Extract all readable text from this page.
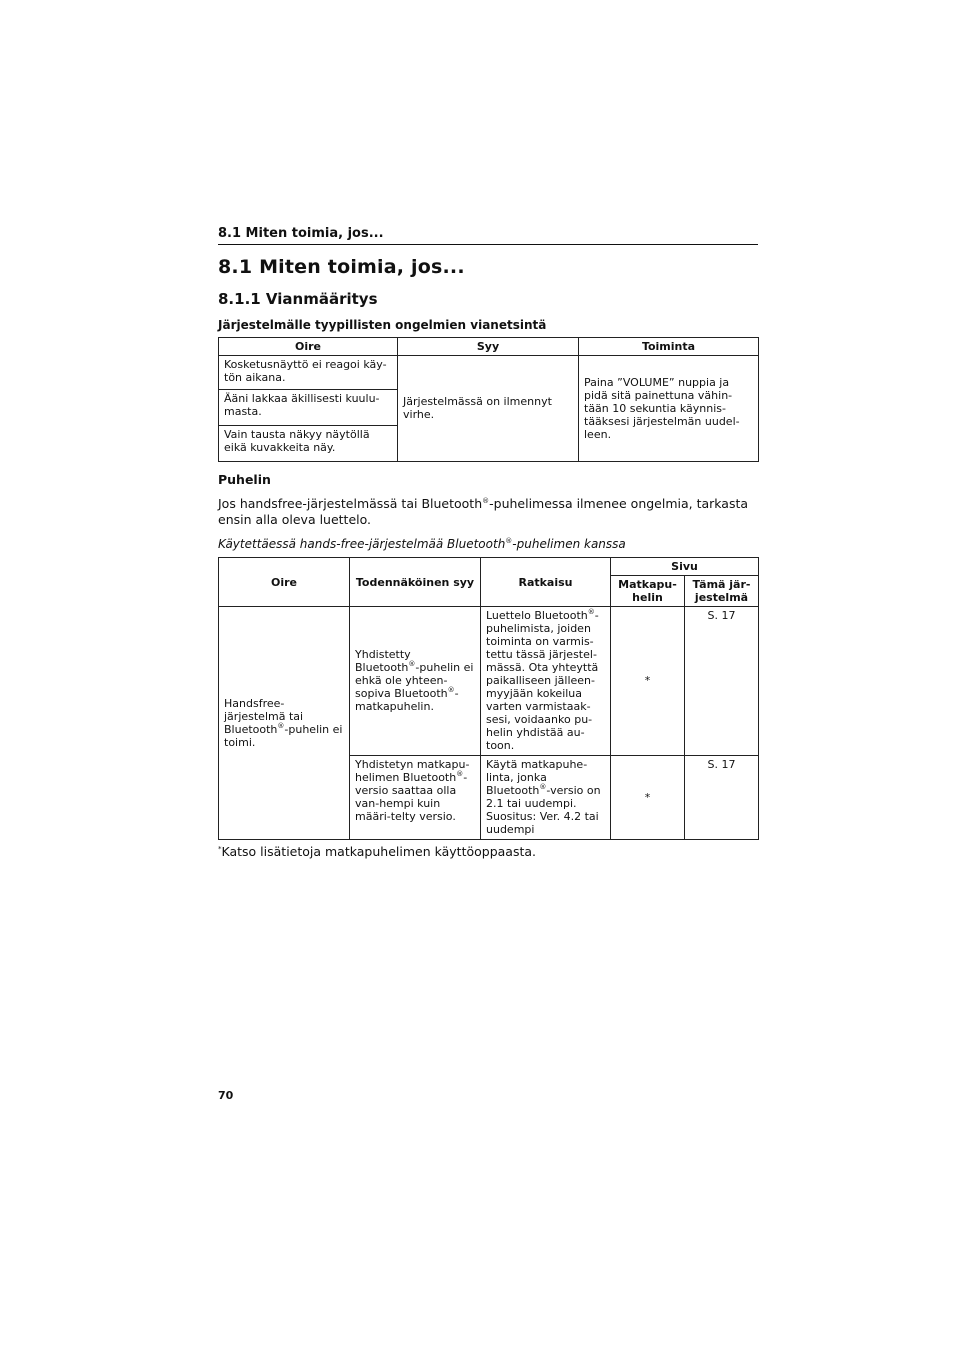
8.1 Miten toimia, jos...
8.1 Miten toimia, jos...
8.1.1 Vianmääritys
Järjestelmälle tyypillisten ongelmien vianetsintä
Oire	Syy	Toiminta
Kosketusnäyttö ei reagoi käy-tön aikana.	Järjestelmässä on ilmennyt virhe.	Paina ”VOLUME” nuppia ja pidä sitä painettuna vähin-tään 10 sekuntia käynnis-tääksesi järjestelmän uudel-leen.
Ääni lakkaa äkillisesti kuulu-masta.		
Vain tausta näkyy näytöllä eikä kuvakkeita näy.		
Puhelin
Jos handsfree-järjestelmässä tai Bluetooth®-puhelimessa ilmenee ongelmia, tarkasta ensin alla oleva luettelo.
Käytettäessä hands-free-järjestelmää Bluetooth®-puhelimen kanssa
Oire	Todennäköinen syy	Ratkaisu	Sivu	
			Matkapu-helin	Tämä jär-jestelmä
Handsfree-järjestelmä tai Bluetooth®-puhelin ei toimi.	Yhdistetty Bluetooth®-puhelin ei ehkä ole yhteen-sopiva Bluetooth®-matkapuhelin.	Luettelo Bluetooth®-puhelimista, joiden toiminta on varmis-tettu tässä järjestel-mässä. Ota yhteyttä paikalliseen jälleen-myyjään kokeilua varten varmistaak-sesi, voidaanko pu-helin yhdistää au-toon.	*	S. 17
	Yhdistetyn matkapu-helimen Bluetooth®-versio saattaa olla van-hempi kuin määri-telty versio.	Käytä matkapuhe-linta, jonka Bluetooth®-versio on 2.1 tai uudempi. Suositus: Ver. 4.2 tai uudempi	*	S. 17
*Katso lisätietoja matkapuhelimen käyttöoppaasta.
70
